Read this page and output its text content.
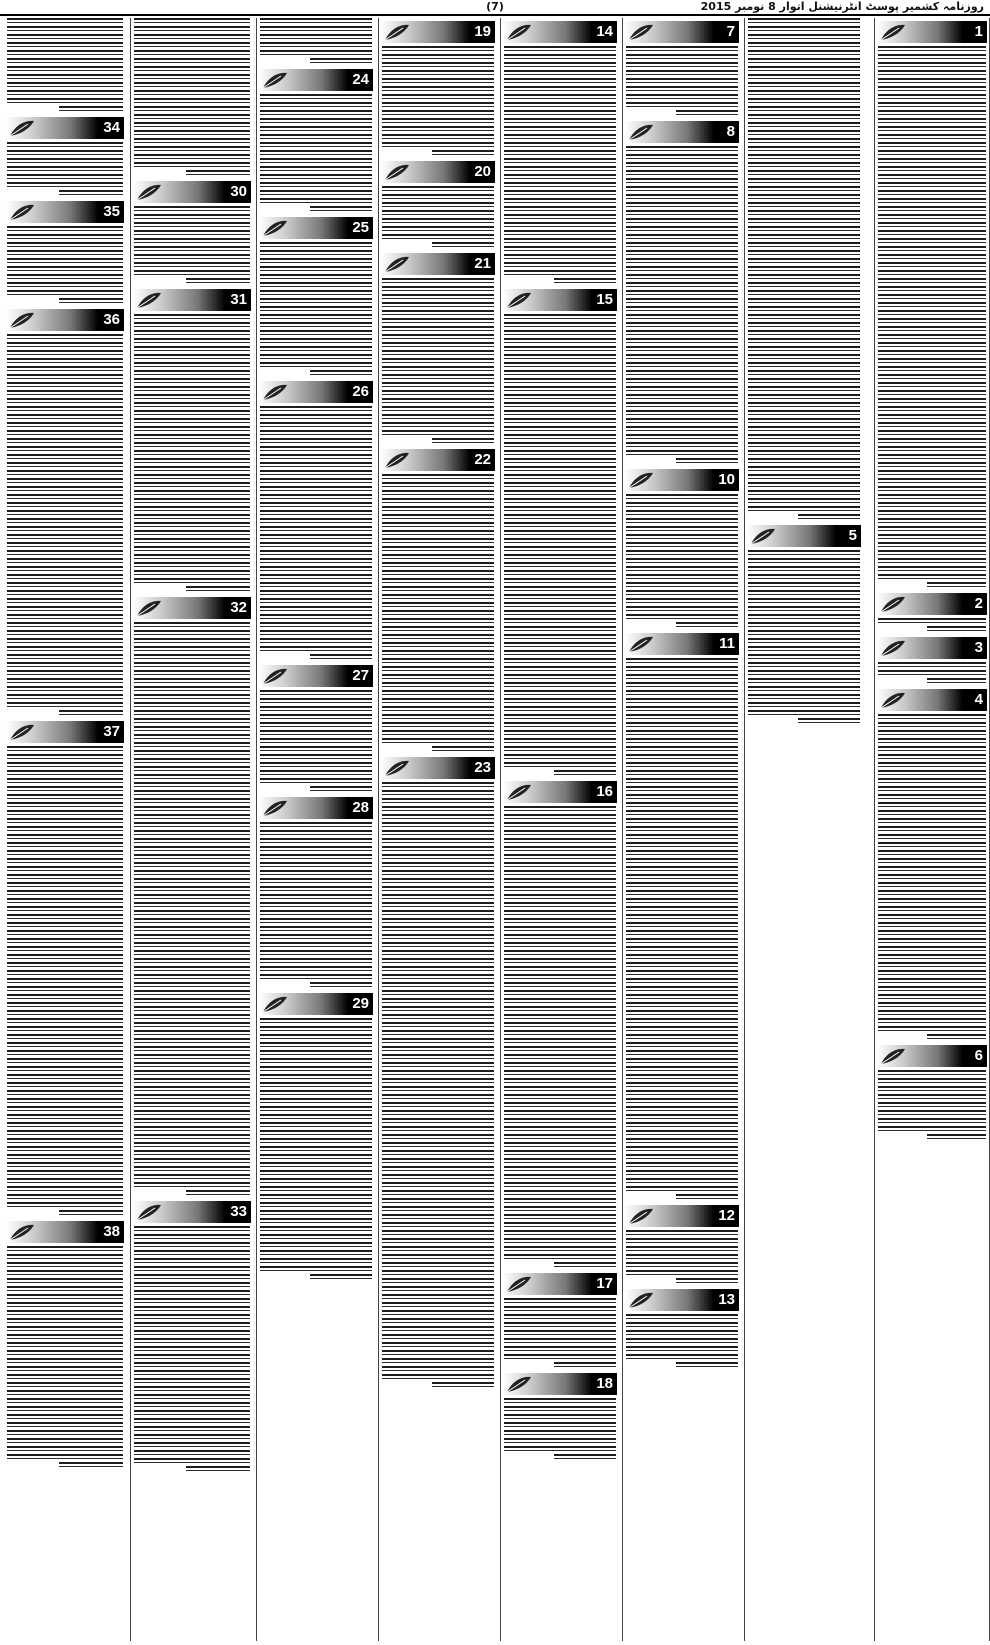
(7)	روزنامہ کشمیر پوسٹ انٹرنیشنل اتوار 8 نومبر 2015
1
2
3
4
6
5
7
8
10
11
12
13
14
15
16
17
18
19
20
21
22
23
24
25
26
27
28
29
30
31
32
33
34
35
36
37
38
